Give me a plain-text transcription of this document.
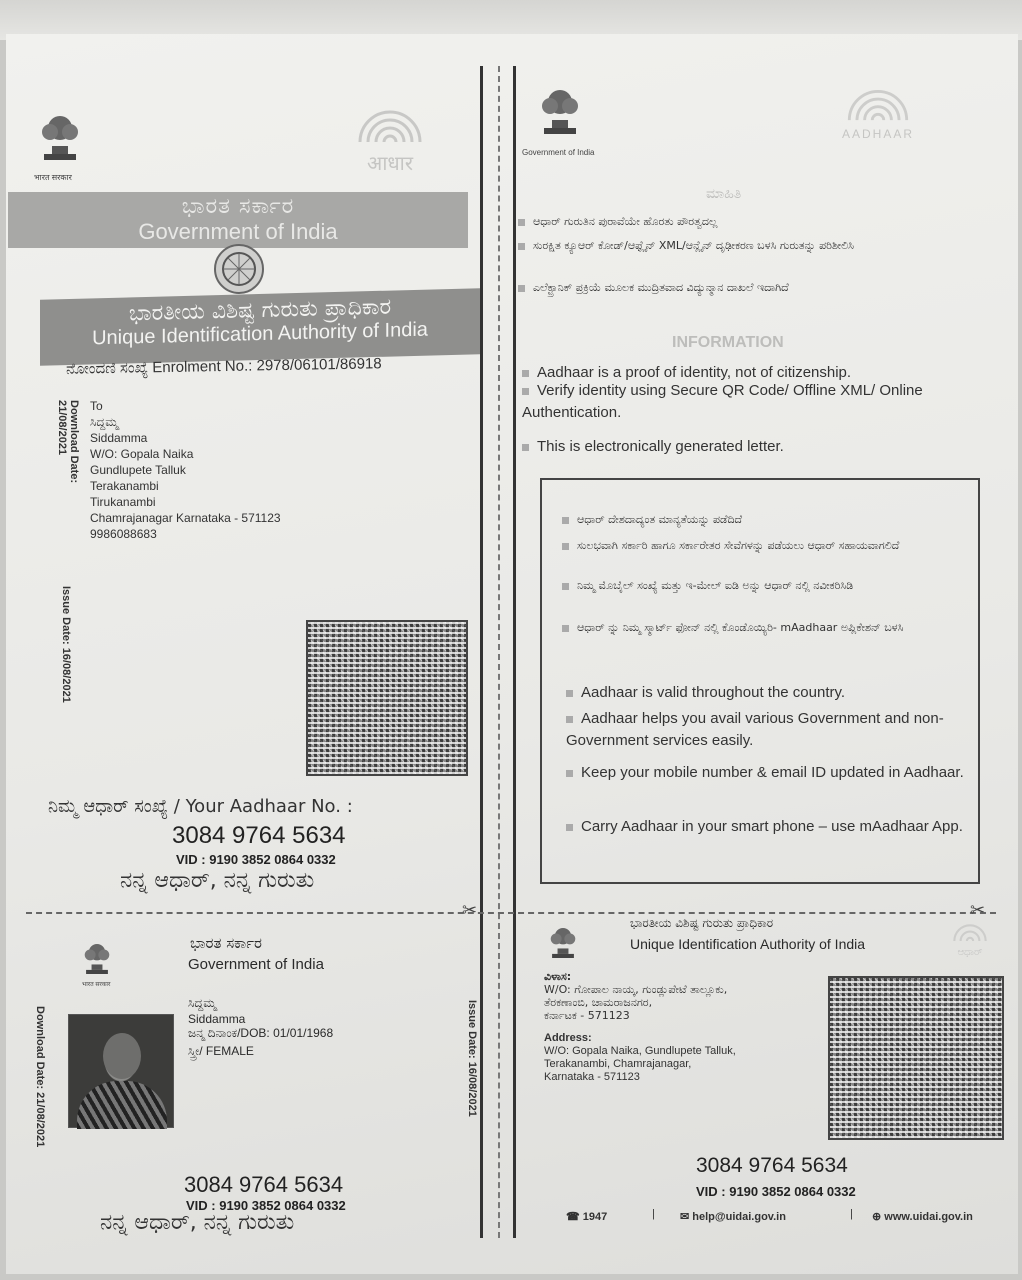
✂	✂
भारत सरकार
आधार
ಭಾರತ ಸರ್ಕಾರ
Government of India
ಭಾರತೀಯ ವಿಶಿಷ್ಟ ಗುರುತು ಪ್ರಾಧಿಕಾರ
Unique Identification Authority of India
ನೋಂದಣಿ ಸಂಖ್ಯೆ Enrolment No.: 2978/06101/86918
Download Date: 21/08/2021
Issue Date: 16/08/2021
To
ಸಿದ್ದಮ್ಮ
Siddamma
W/O: Gopala Naika
Gundlupete Talluk
Terakanambi
Tirukanambi
Chamrajanagar Karnataka - 571123
9986088683
ನಿಮ್ಮ ಆಧಾರ್ ಸಂಖ್ಯೆ / Your Aadhaar No. :
3084 9764 5634
VID : 9190 3852 0864 0332
ನನ್ನ ಆಧಾರ್, ನನ್ನ ಗುರುತು
Government of India
AADHAAR
ಮಾಹಿತಿ
ಆಧಾರ್ ಗುರುತಿನ ಪುರಾವೆಯೇ ಹೊರತು ಪೌರತ್ವದಲ್ಲ
ಸುರಕ್ಷಿತ ಕ್ಯೂಆರ್ ಕೋಡ್/ಆಫ್ಲೈನ್ XML/ಆನ್ಲೈನ್ ದೃಢೀಕರಣ ಬಳಸಿ ಗುರುತನ್ನು ಪರಿಶೀಲಿಸಿ
ಎಲೆಕ್ಟ್ರಾನಿಕ್ ಪ್ರಕ್ರಿಯೆ ಮೂಲಕ ಮುದ್ರಿತವಾದ ವಿದ್ಯುನ್ಮಾನ ದಾಖಲೆ ಇದಾಗಿದೆ
INFORMATION
Aadhaar is a proof of identity, not of citizenship.
Verify identity using Secure QR Code/ Offline XML/ Online Authentication.
This is electronically generated letter.
ಆಧಾರ್ ದೇಶದಾದ್ಯಂತ ಮಾನ್ಯತೆಯನ್ನು ಪಡೆದಿದೆ
ಸುಲಭವಾಗಿ ಸರ್ಕಾರಿ ಹಾಗೂ ಸರ್ಕಾರೇತರ ಸೇವೆಗಳನ್ನು ಪಡೆಯಲು ಆಧಾರ್ ಸಹಾಯವಾಗಲಿದೆ
ನಿಮ್ಮ ಮೊಬೈಲ್ ಸಂಖ್ಯೆ ಮತ್ತು ಇ-ಮೇಲ್ ಐಡಿ ಅನ್ನು ಆಧಾರ್ ನಲ್ಲಿ ನವೀಕರಿಸಿಡಿ
ಆಧಾರ್ ನ್ನು ನಿಮ್ಮ ಸ್ಮಾರ್ಟ್ ಫೋನ್ ನಲ್ಲಿ ಕೊಂಡೊಯ್ಯಿರಿ- mAadhaar ಅಪ್ಲಿಕೇಶನ್ ಬಳಸಿ
Aadhaar is valid throughout the country.
Aadhaar helps you avail various Government and non-Government services easily.
Keep your mobile number & email ID updated in Aadhaar.
Carry Aadhaar in your smart phone – use mAadhaar App.
भारत सरकार
ಭಾರತ ಸರ್ಕಾರ
Government of India
Download Date: 21/08/2021	Issue Date: 16/08/2021
ಸಿದ್ದಮ್ಮ
Siddamma
ಜನ್ಮ ದಿನಾಂಕ/DOB: 01/01/1968
ಸ್ತ್ರೀ/ FEMALE
3084 9764 5634
VID : 9190 3852 0864 0332
ನನ್ನ ಆಧಾರ್, ನನ್ನ ಗುರುತು
ಭಾರತೀಯ ವಿಶಿಷ್ಟ ಗುರುತು ಪ್ರಾಧಿಕಾರ
Unique Identification Authority of India
ಆಧಾರ್
ವಿಳಾಸ:
W/O: ಗೋಪಾಲ ನಾಯ್ಕ, ಗುಂಡ್ಲುಪೇಟೆ ತಾಲ್ಲೂಕು,
ತೆರಕಣಾಂಬಿ, ಚಾಮರಾಜನಗರ,
ಕರ್ನಾಟಕ - 571123
Address:
W/O: Gopala Naika, Gundlupete Talluk,
Terakanambi, Chamrajanagar,
Karnataka - 571123
3084 9764 5634
VID : 9190 3852 0864 0332
☎ 1947	| ✉ help@uidai.gov.in	| ⊕ www.uidai.gov.in
